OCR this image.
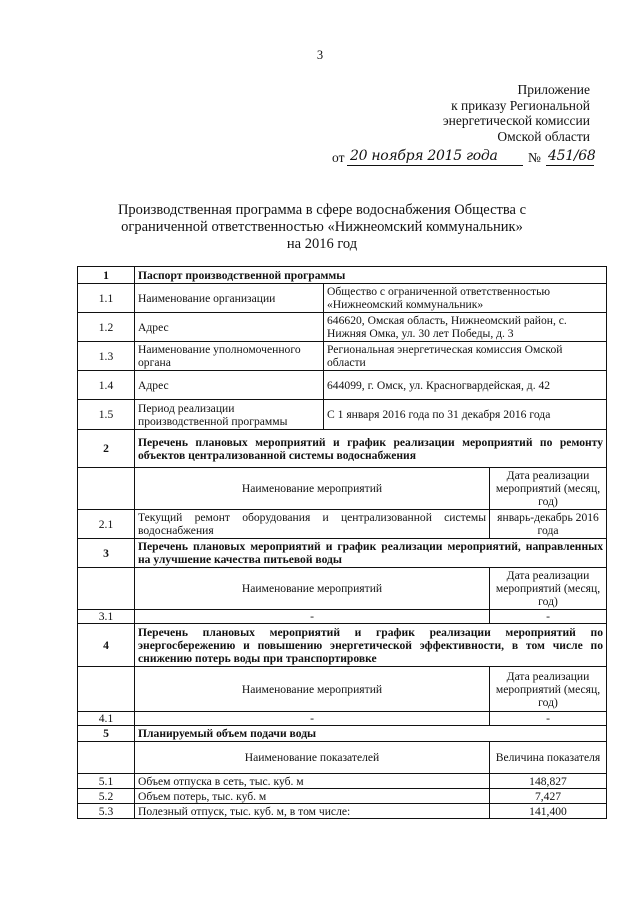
3
Приложение
к приказу Региональной
энергетической комиссии
Омской области
от 20 ноября 2015 года № 451/68
Производственная программа в сфере водоснабжения Общества с
ограниченной ответственностью «Нижнеомский коммунальник»
на 2016 год
1	Паспорт производственной программы		
1.1	Наименование организации	Общество с ограниченной ответственностью «Нижнеомский коммунальник»	
1.2	Адрес	646620, Омская область, Нижнеомский район, с. Нижняя Омка, ул. 30 лет Победы, д. 3	
1.3	Наименование уполномоченного органа	Региональная энергетическая комиссия Омской области	
1.4	Адрес	644099, г. Омск, ул. Красногвардейская, д. 42	
1.5	Период реализации производственной программы	С 1 января 2016 года по 31 декабря 2016 года	
2	Перечень плановых мероприятий и график реализации мероприятий по ремонту объектов централизованной системы водоснабжения		
	Наименование мероприятий		Дата реализации мероприятий (месяц, год)
2.1	Текущий ремонт оборудования и централизованной системы водоснабжения		январь-декабрь 2016 года
3	Перечень плановых мероприятий и график реализации мероприятий, направленных на улучшение качества питьевой воды		
	Наименование мероприятий		Дата реализации мероприятий (месяц, год)
3.1	-		-
4	Перечень плановых мероприятий и график реализации мероприятий по энергосбережению и повышению энергетической эффективности, в том числе по снижению потерь воды при транспортировке		
	Наименование мероприятий		Дата реализации мероприятий (месяц, год)
4.1	-		-
5	Планируемый объем подачи воды		
	Наименование показателей		Величина показателя
5.1	Объем отпуска в сеть, тыс. куб. м		148,827
5.2	Объем потерь, тыс. куб. м		7,427
5.3	Полезный отпуск, тыс. куб. м, в том числе:		141,400
